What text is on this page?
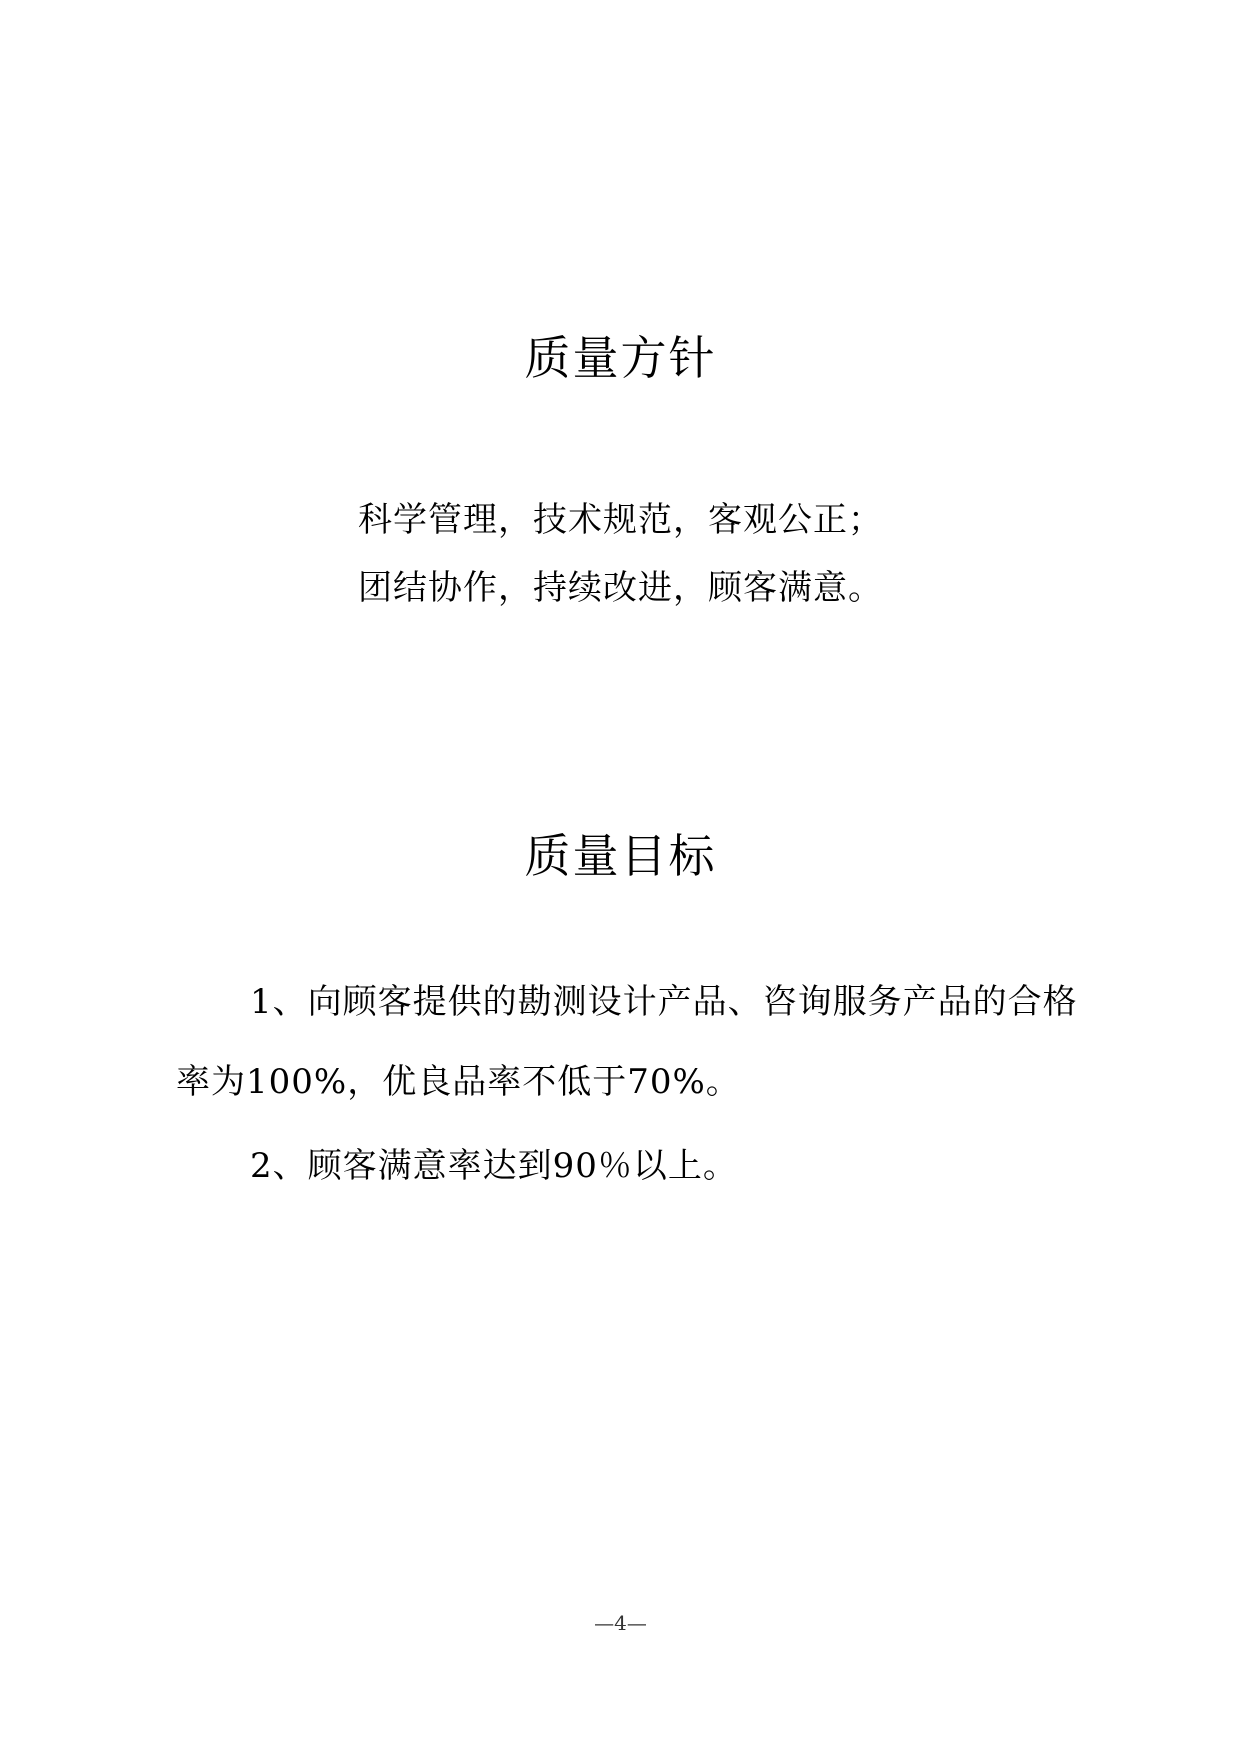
质量方针

科学管理，技术规范，客观公正；

团结协作，持续改进，顾客满意。

质量目标

1、向顾客提供的勘测设计产品、咨询服务产品的合格率为100%，优良品率不低于70%。

2、顾客满意率达到90％以上。

—4—
